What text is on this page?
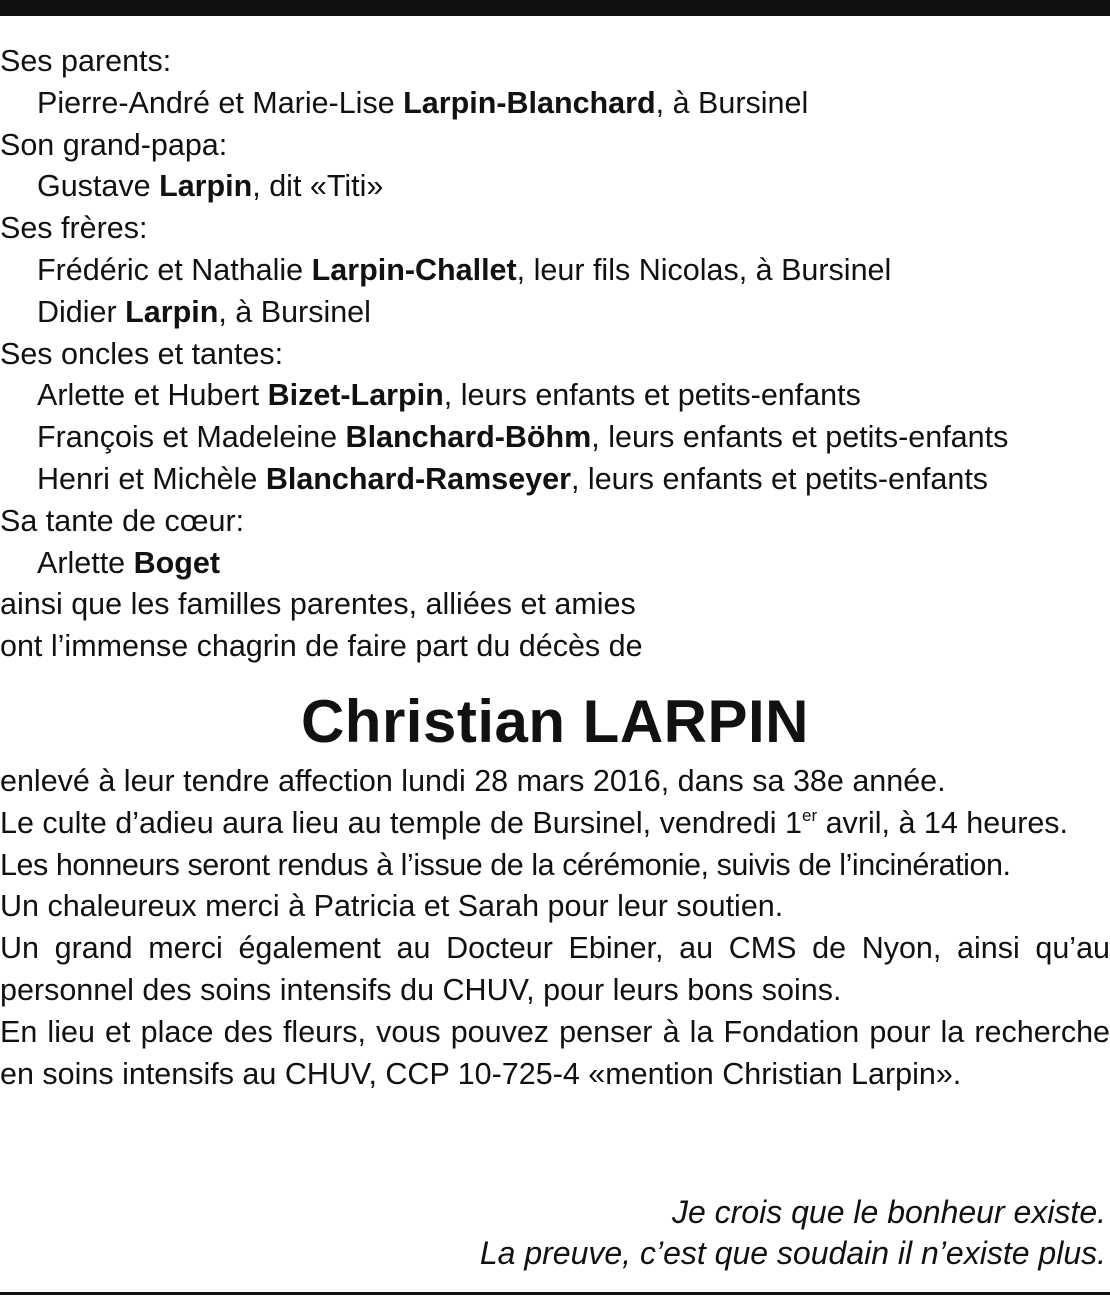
Ses parents:
Pierre-André et Marie-Lise Larpin-Blanchard, à Bursinel
Son grand-papa:
Gustave Larpin, dit «Titi»
Ses frères:
Frédéric et Nathalie Larpin-Challet, leur fils Nicolas, à Bursinel
Didier Larpin, à Bursinel
Ses oncles et tantes:
Arlette et Hubert Bizet-Larpin, leurs enfants et petits-enfants
François et Madeleine Blanchard-Böhm, leurs enfants et petits-enfants
Henri et Michèle Blanchard-Ramseyer, leurs enfants et petits-enfants
Sa tante de cœur:
Arlette Boget
ainsi que les familles parentes, alliées et amies
ont l’immense chagrin de faire part du décès de
Christian LARPIN
enlevé à leur tendre affection lundi 28 mars 2016, dans sa 38e année.
Le culte d’adieu aura lieu au temple de Bursinel, vendredi 1er avril, à 14 heures.
Les honneurs seront rendus à l’issue de la cérémonie, suivis de l’incinération.
Un chaleureux merci à Patricia et Sarah pour leur soutien.
Un grand merci également au Docteur Ebiner, au CMS de Nyon, ainsi qu’au personnel des soins intensifs du CHUV, pour leurs bons soins.
En lieu et place des fleurs, vous pouvez penser à la Fondation pour la recherche en soins intensifs au CHUV, CCP 10-725-4 «mention Christian Larpin».
Je crois que le bonheur existe.
La preuve, c’est que soudain il n’existe plus.
